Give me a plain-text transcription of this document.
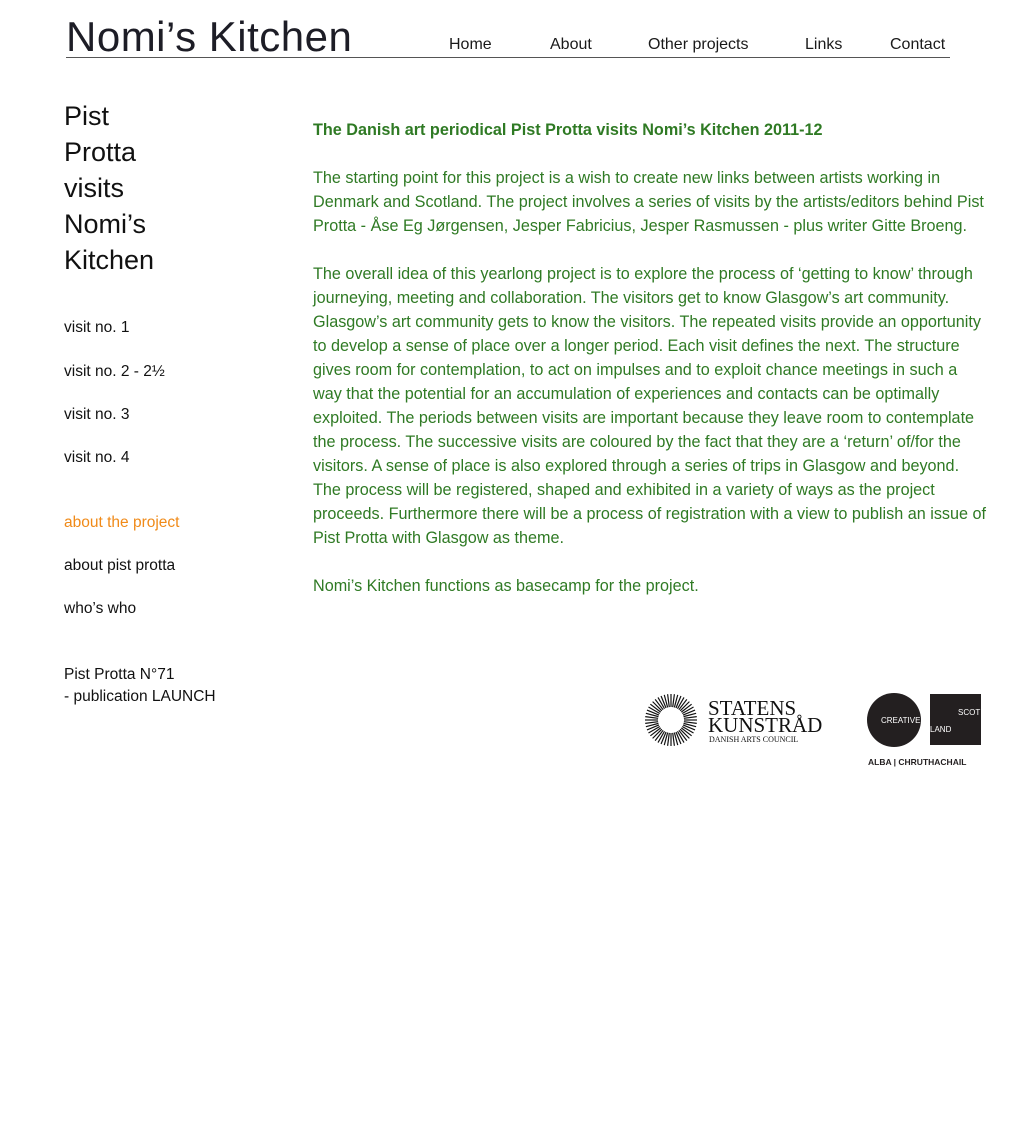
Nomi’s Kitchen	Home	About	Other projects	Links	Contact
Pist
Protta
visits
Nomi’s
Kitchen
visit no. 1
visit no. 2 - 2½
visit no. 3
visit no. 4
about the project
about pist protta
who’s who
Pist Protta N°71
- publication LAUNCH

The Danish art periodical Pist Protta visits Nomi’s Kitchen 2011-12

The starting point for this project is a wish to create new links between artists working in Denmark and Scotland. The project involves a series of visits by the artists/editors behind Pist Protta - Åse Eg Jørgensen, Jesper Fabricius, Jesper Rasmussen - plus writer Gitte Broeng.

The overall idea of this yearlong project is to explore the process of ‘getting to know’ through journeying, meeting and collaboration. The visitors get to know Glasgow’s art community. Glasgow’s art community gets to know the visitors. The repeated visits provide an opportunity to develop a sense of place over a longer period. Each visit defines the next. The structure gives room for contemplation, to act on impulses and to exploit chance meetings in such a way that the potential for an accumulation of experiences and contacts can be optimally exploited. The periods between visits are important because they leave room to contemplate the process. The successive visits are coloured by the fact that they are a ‘return’ of/for the visitors. A sense of place is also explored through a series of trips in Glasgow and beyond. The process will be registered, shaped and exhibited in a variety of ways as the project proceeds. Furthermore there will be a process of registration with a view to publish an issue of Pist Protta with Glasgow as theme.

Nomi’s Kitchen functions as basecamp for the project.

STATENS
KUNSTRÅD
DANISH ARTS COUNCIL
CREATIVE
SCOT
LAND
ALBA | CHRUTHACHAIL
